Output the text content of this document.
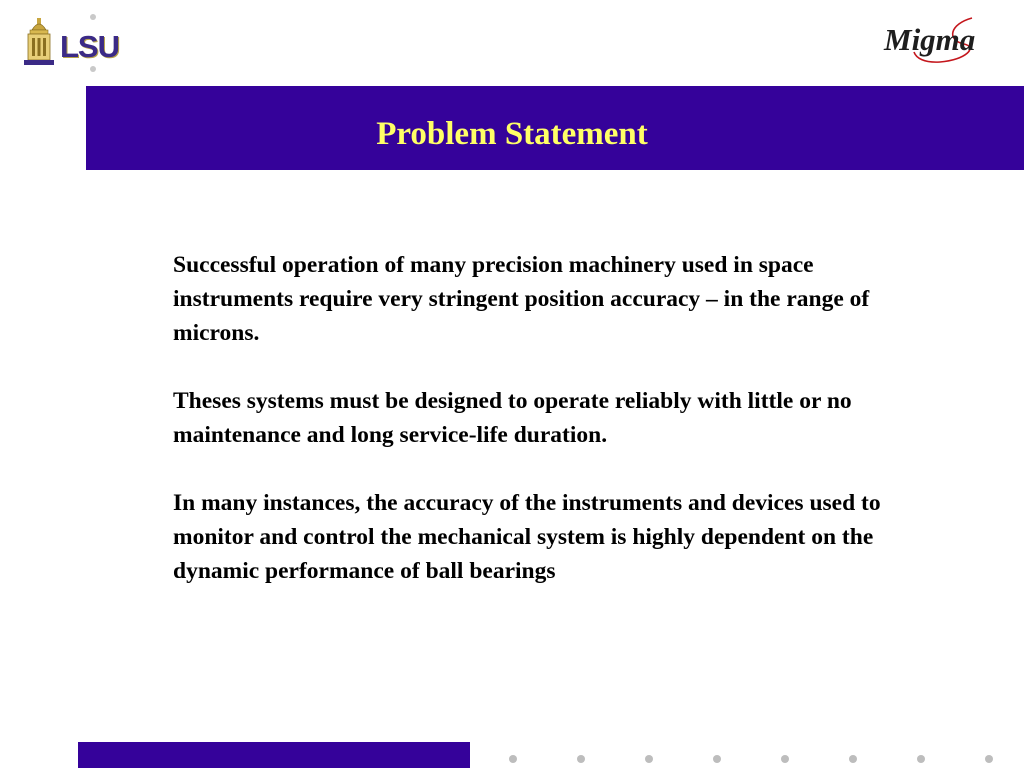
LSU	Migma
Problem Statement

Successful operation of many precision machinery used in space instruments require very stringent position accuracy – in the range of microns.

Theses systems must be designed to operate reliably with little or no maintenance and long service-life duration.

In many instances, the accuracy of the instruments and devices used to monitor and control the mechanical system is highly dependent on the dynamic performance of ball bearings
